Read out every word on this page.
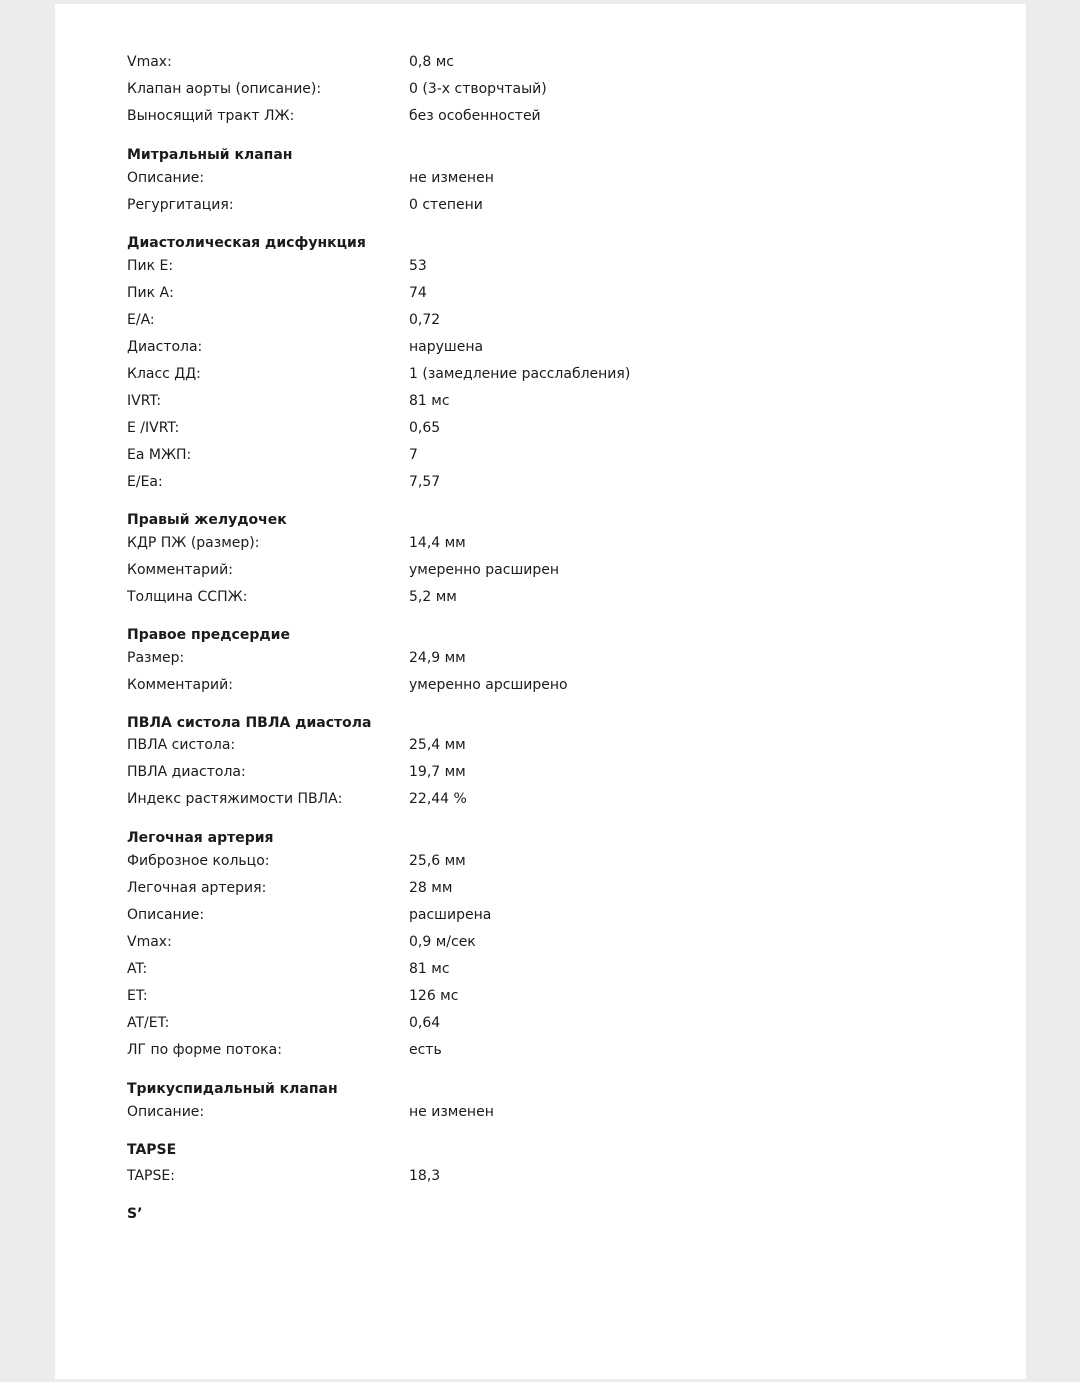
Vmax:	0,8 мс
Клапан аорты (описание):	0 (3-х створчтаый)
Выносящий тракт ЛЖ:	без особенностей
Митральный клапан
Описание:	не изменен
Регургитация:	0 степени
Диастолическая дисфункция
Пик Е:	53
Пик А:	74
E/A:	0,72
Диастола:	нарушена
Класс ДД:	1 (замедление расслабления)
IVRT:	81 мс
E /IVRT:	0,65
Ea МЖП:	7
E/Ea:	7,57
Правый желудочек
КДР ПЖ (размер):	14,4 мм
Комментарий:	умеренно расширен
Толщина ССПЖ:	5,2 мм
Правое предсердие
Размер:	24,9 мм
Комментарий:	умеренно арсширено
ПВЛА систола ПВЛА диастола
ПВЛА систола:	25,4 мм
ПВЛА диастола:	19,7 мм
Индекс растяжимости ПВЛА:	22,44 %
Легочная артерия
Фиброзное кольцо:	25,6 мм
Легочная артерия:	28 мм
Описание:	расширена
Vmax:	0,9 м/сек
AT:	81 мс
ET:	126 мс
AT/ET:	0,64
ЛГ по форме потока:	есть
Трикуспидальный клапан
Описание:	не изменен
TAPSE
TAPSE:	18,3
S’
